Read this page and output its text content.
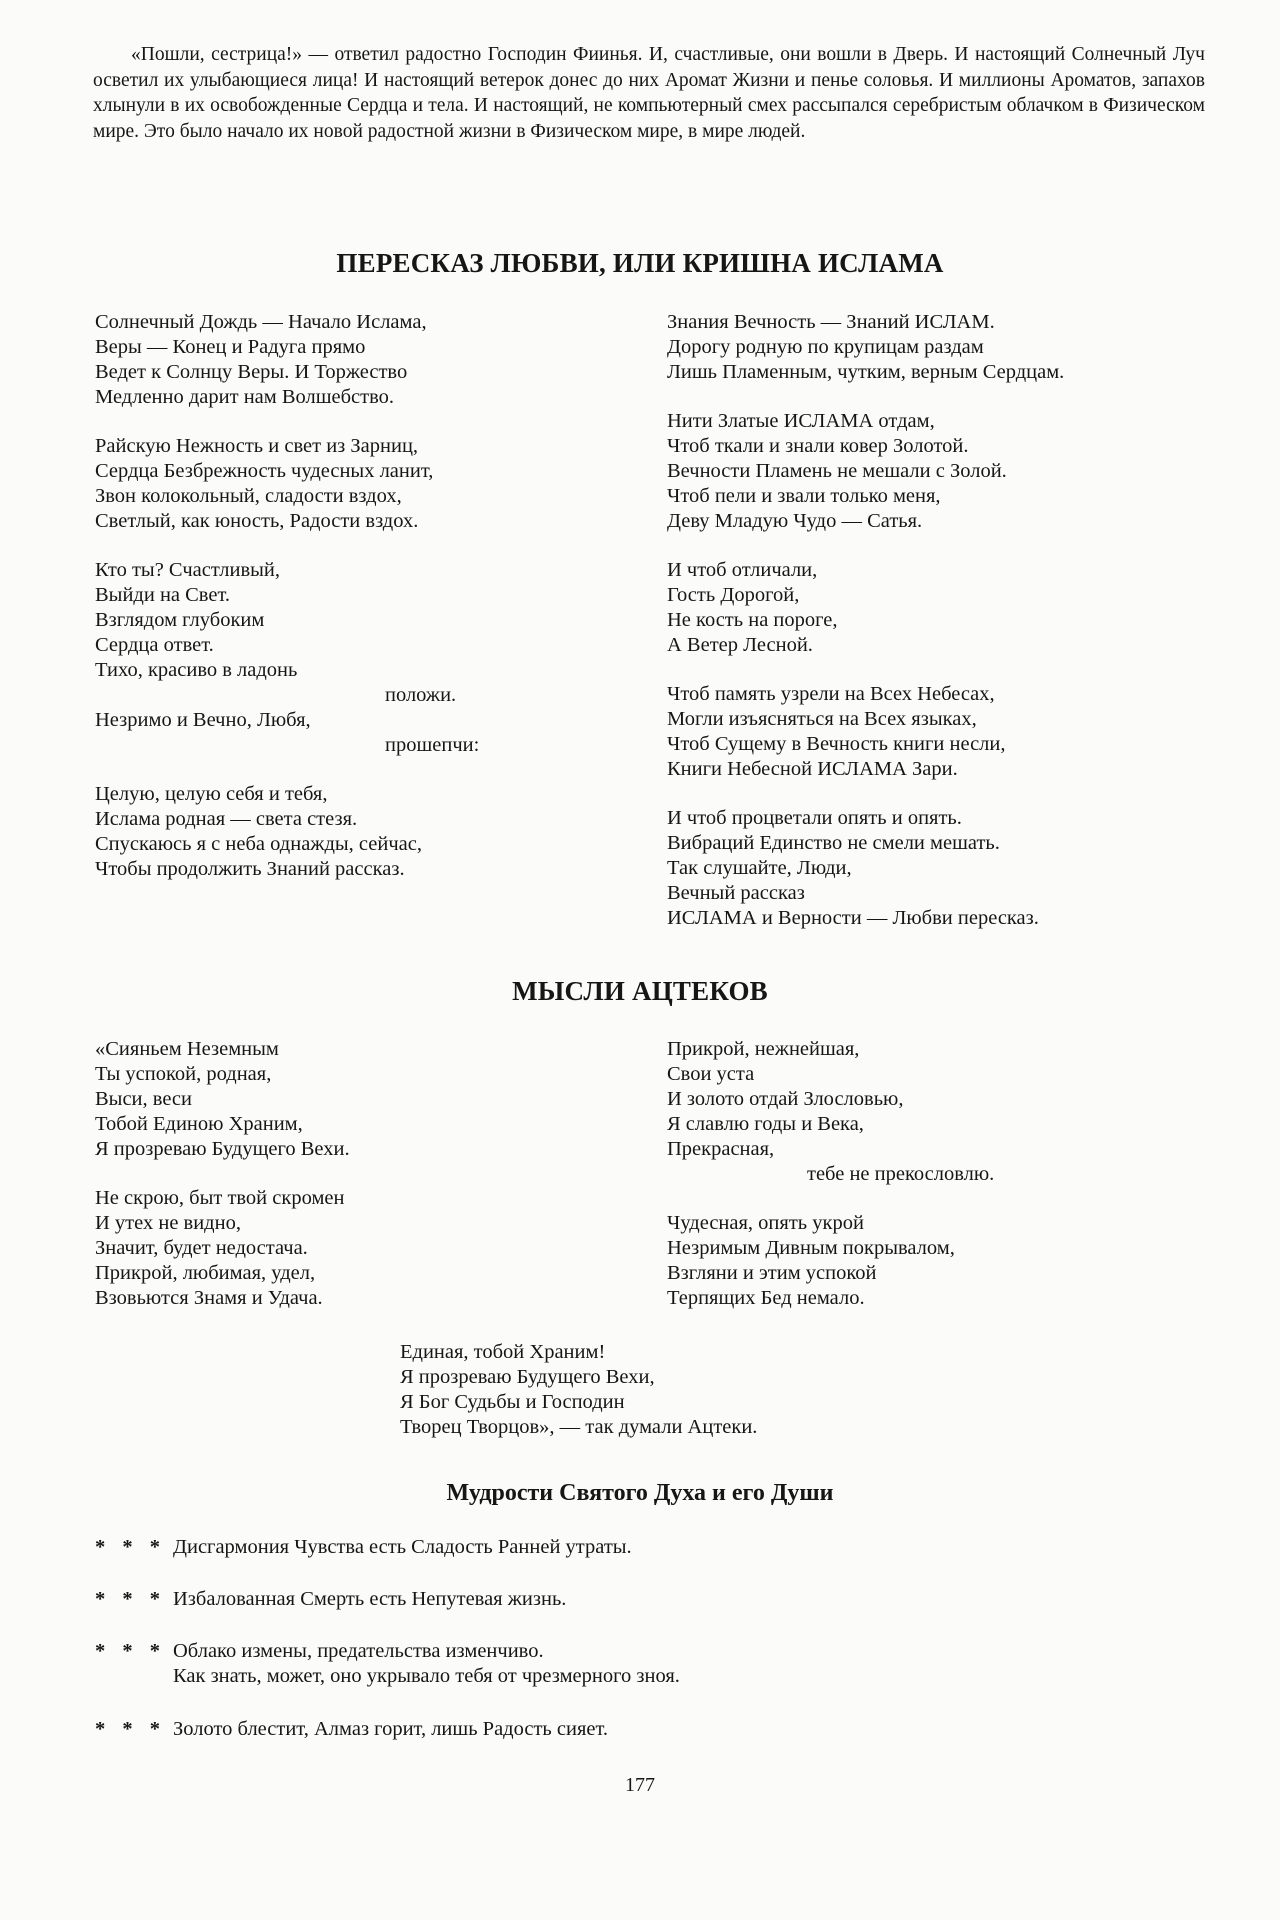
«Пошли, сестрица!» — ответил радостно Господин Фиинья. И, счастливые, они вошли в Дверь. И настоящий Солнечный Луч осветил их улыбающиеся лица! И настоящий ветерок донес до них Аромат Жизни и пенье соловья. И миллионы Ароматов, запахов хлынули в их освобожденные Сердца и тела. И настоящий, не компьютерный смех рассыпался серебристым облачком в Физическом мире. Это было начало их новой радостной жизни в Физическом мире, в мире людей.

ПЕРЕСКАЗ ЛЮБВИ, ИЛИ КРИШНА ИСЛАМА
Солнечный Дождь — Начало Ислама,
Веры — Конец и Радуга прямо
Ведет к Солнцу Веры. И Торжество
Медленно дарит нам Волшебство.
Райскую Нежность и свет из Зарниц,
Сердца Безбрежность чудесных ланит,
Звон колокольный, сладости вздох,
Светлый, как юность, Радости вздох.
Кто ты? Счастливый,
Выйди на Свет.
Взглядом глубоким
Сердца ответ.
Тихо, красиво в ладонь
положи.
Незримо и Вечно, Любя,
прошепчи:
Целую, целую себя и тебя,
Ислама родная — света стезя.
Спускаюсь я с неба однажды, сейчас,
Чтобы продолжить Знаний рассказ.
Знания Вечность — Знаний ИСЛАМ.
Дорогу родную по крупицам раздам
Лишь Пламенным, чутким, верным Сердцам.
Нити Златые ИСЛАМА отдам,
Чтоб ткали и знали ковер Золотой.
Вечности Пламень не мешали с Золой.
Чтоб пели и звали только меня,
Деву Младую Чудо — Сатья.
И чтоб отличали,
Гость Дорогой,
Не кость на пороге,
А Ветер Лесной.
Чтоб память узрели на Всех Небесах,
Могли изъясняться на Всех языках,
Чтоб Сущему в Вечность книги несли,
Книги Небесной ИСЛАМА Зари.
И чтоб процветали опять и опять.
Вибраций Единство не смели мешать.
Так слушайте, Люди,
Вечный рассказ
ИСЛАМА и Верности — Любви пересказ.
МЫСЛИ АЦТЕКОВ
«Сияньем Неземным
Ты успокой, родная,
Выси, веси
Тобой Единою Храним,
Я прозреваю Будущего Вехи.
Не скрою, быт твой скромен
И утех не видно,
Значит, будет недостача.
Прикрой, любимая, удел,
Взовьются Знамя и Удача.
Прикрой, нежнейшая,
Свои уста
И золото отдай Злословью,
Я славлю годы и Века,
Прекрасная,
тебе не прекословлю.
Чудесная, опять укрой
Незримым Дивным покрывалом,
Взгляни и этим успокой
Терпящих Бед немало.
Единая, тобой Храним!
Я прозреваю Будущего Вехи,
Я Бог Судьбы и Господин
Творец Творцов», — так думали Ацтеки.
Мудрости Святого Духа и его Души
* * * Дисгармония Чувства есть Сладость Ранней утраты.
* * * Избалованная Смерть есть Непутевая жизнь.
* * * Облако измены, предательства изменчиво.
Как знать, может, оно укрывало тебя от чрезмерного зноя.
* * * Золото блестит, Алмаз горит, лишь Радость сияет.
177
